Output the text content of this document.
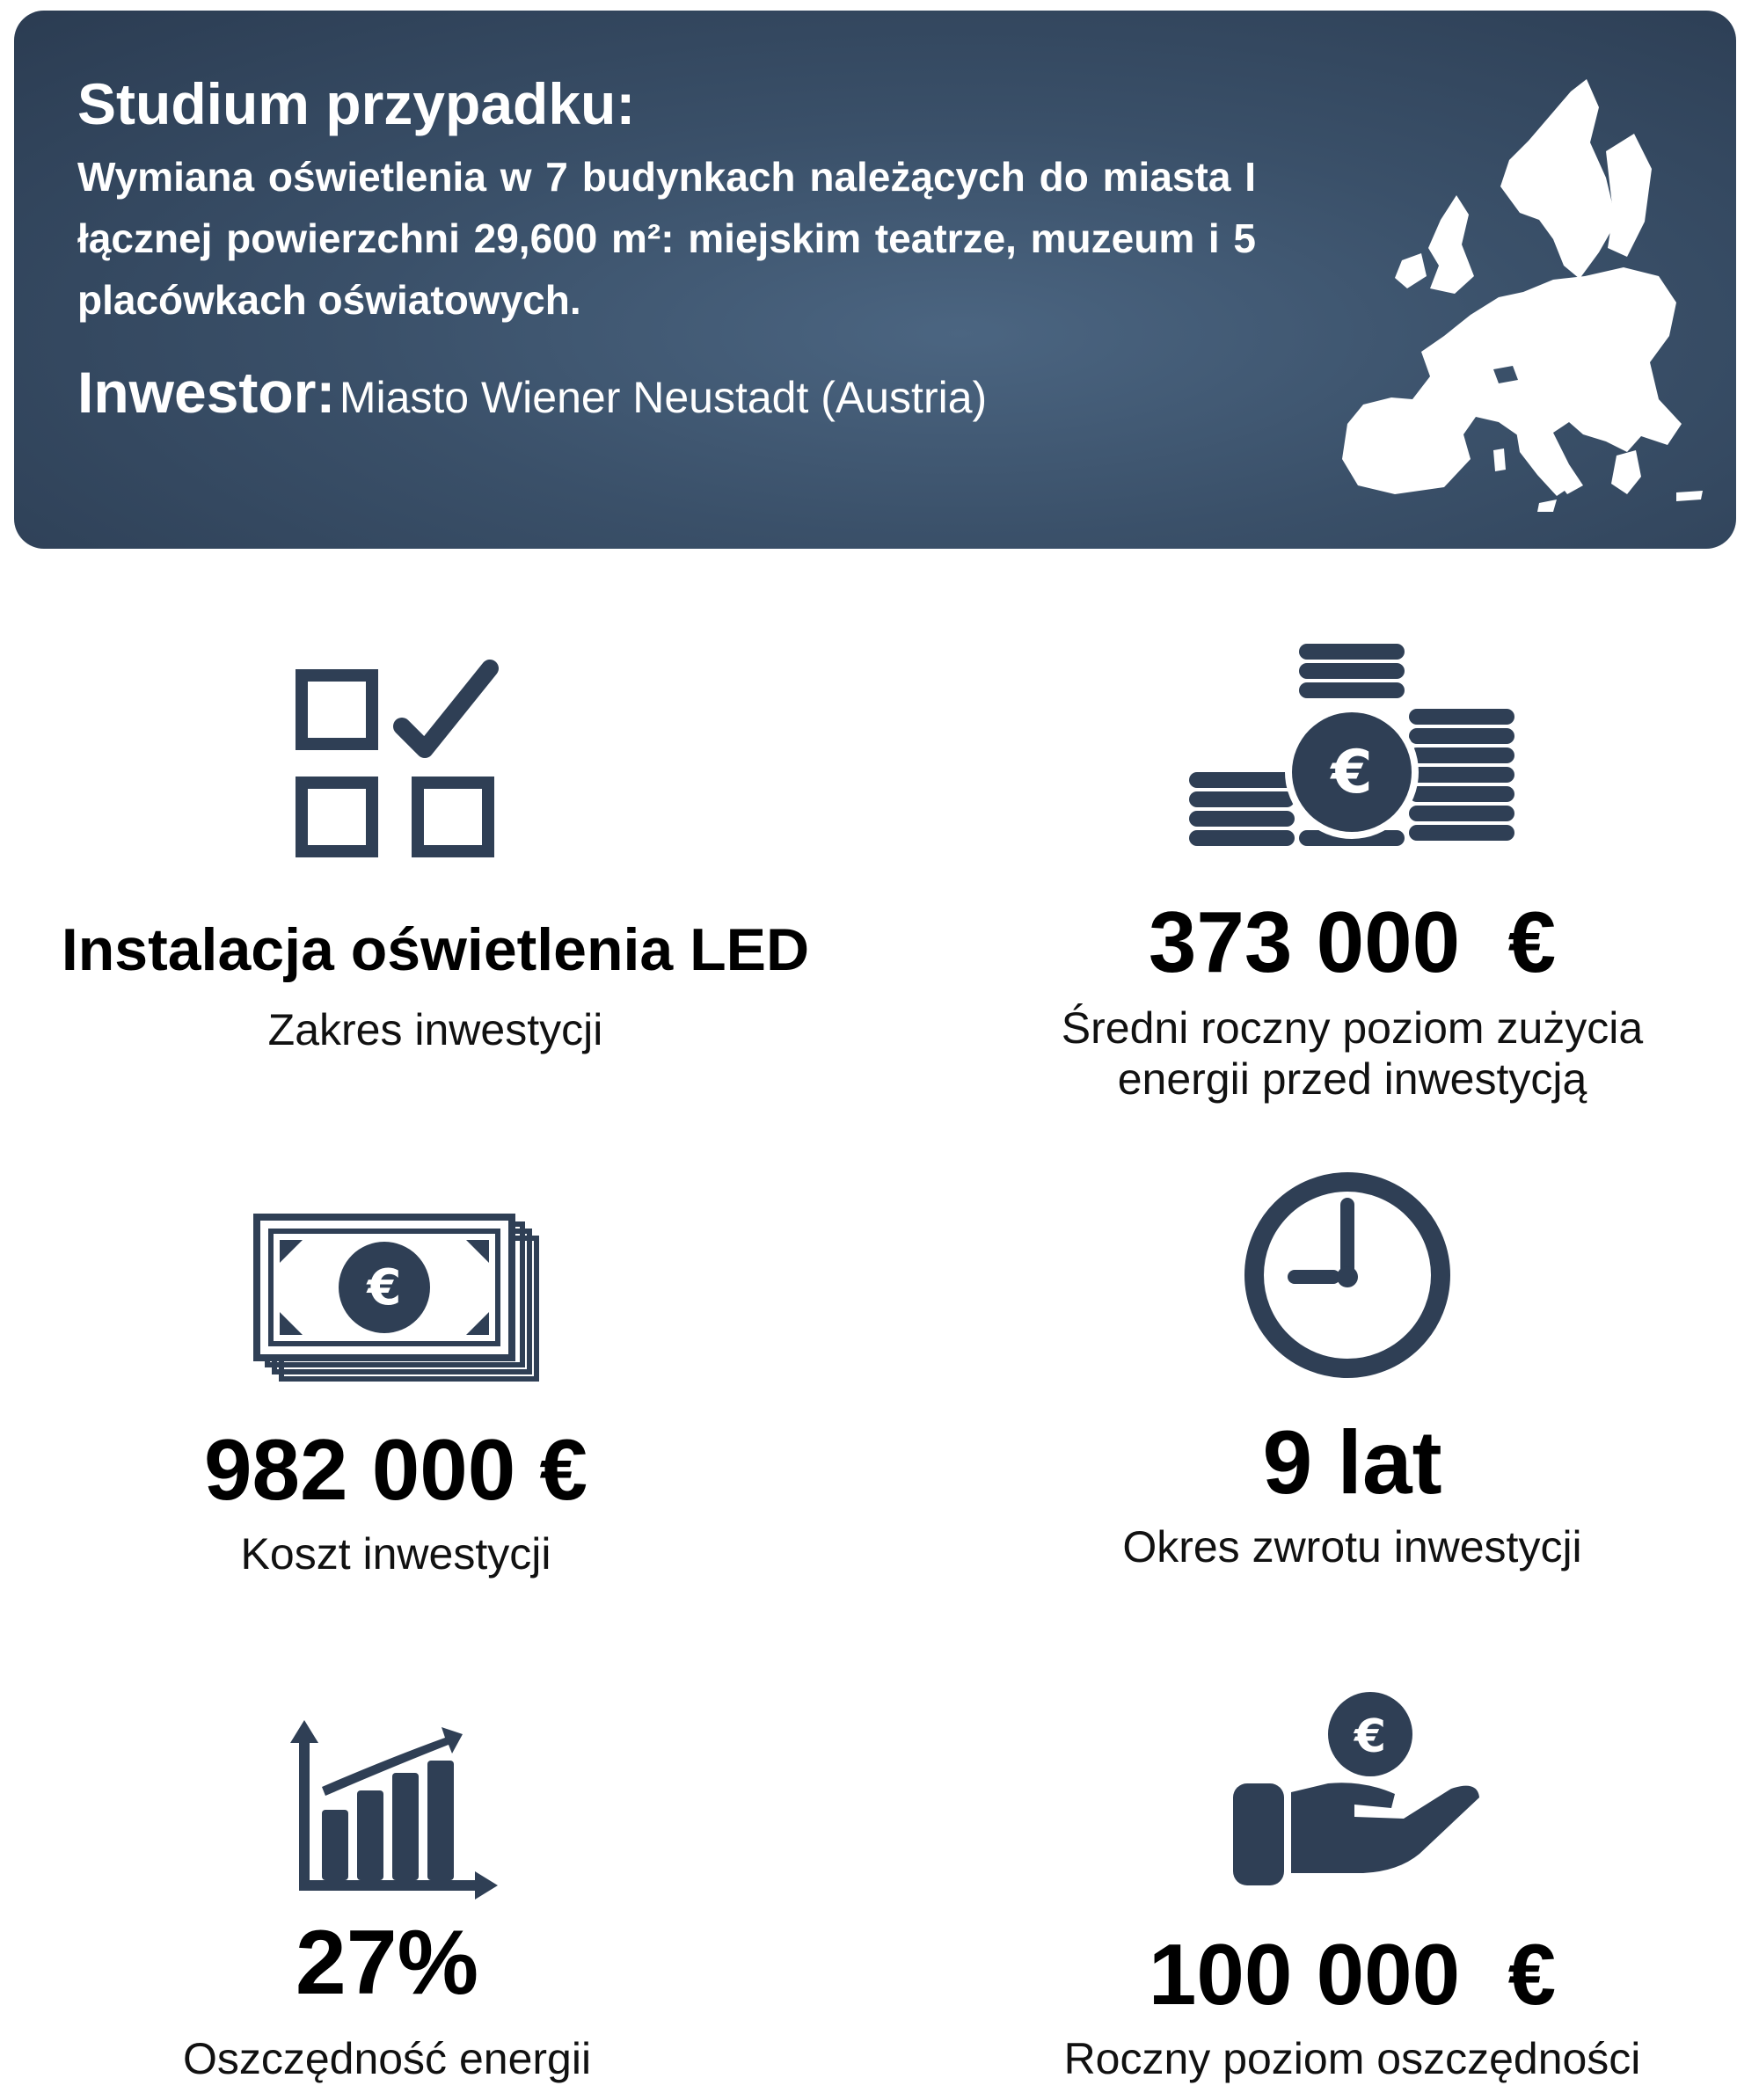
Studium przypadku:

Wymiana oświetlenia w 7 budynkach należących do miasta I łącznej powierzchni 29,600 m²: miejskim teatrze, muzeum i 5 placówkach oświatowych.

Inwestor: Miasto Wiener Neustadt (Austria)

Instalacja oświetlenia LED

Zakres inwestycji

€

373 000  €

Średni roczny poziom zużycia

energii przed inwestycją

€

982 000 €

Koszt inwestycji

9 lat

Okres zwrotu inwestycji

27%

Oszczędność energii

€

100 000  €

Roczny poziom oszczędności
